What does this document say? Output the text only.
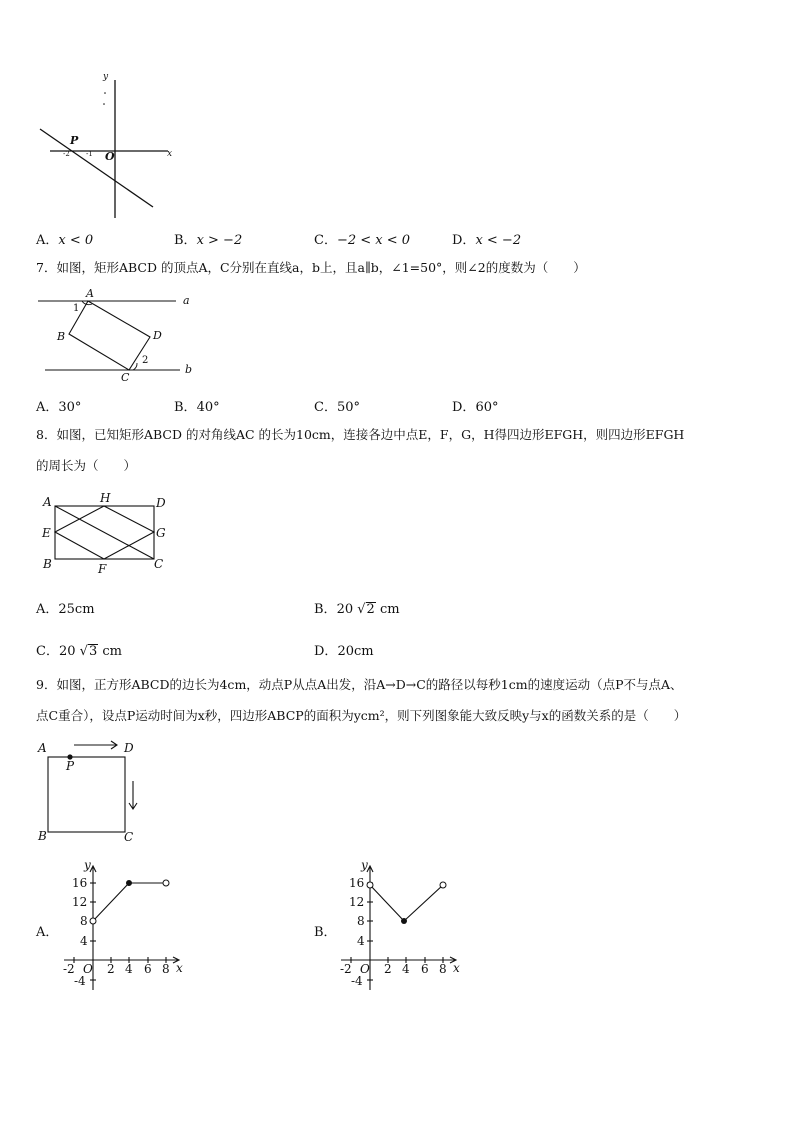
y
x
P
O
-2 -1
A．x < 0	B．x > −2	C．−2 < x < 0	D．x < −2
7．如图，矩形ABCD 的顶点A，C分别在直线a，b上，且a∥b，∠1=50°，则∠2的度数为（　　）
A
B
C
D
a
b
1
2
A．30°	B．40°	C．50°	D．60°
8．如图，已知矩形ABCD 的对角线AC 的长为10cm，连接各边中点E，F，G，H得四边形EFGH，则四边形EFGH
的周长为（　　）
A	H	D
E	G
B	F	C
A．25cm	B．20 √2 cm
C．20 √3 cm	D．20cm
9．如图，正方形ABCD的边长为4cm，动点P从点A出发，沿A→D→C的路径以每秒1cm的速度运动（点P不与点A、
点C重合），设点P运动时间为x秒，四边形ABCP的面积为ycm²，则下列图象能大致反映y与x的函数关系的是（　　）
A	D
P
B	C
A．
y
x
O
16
12
8
4
-4
-2	2 4 6 8
B．
y
x
O
16
12
8
4
-4
-2	2 4 6 8
